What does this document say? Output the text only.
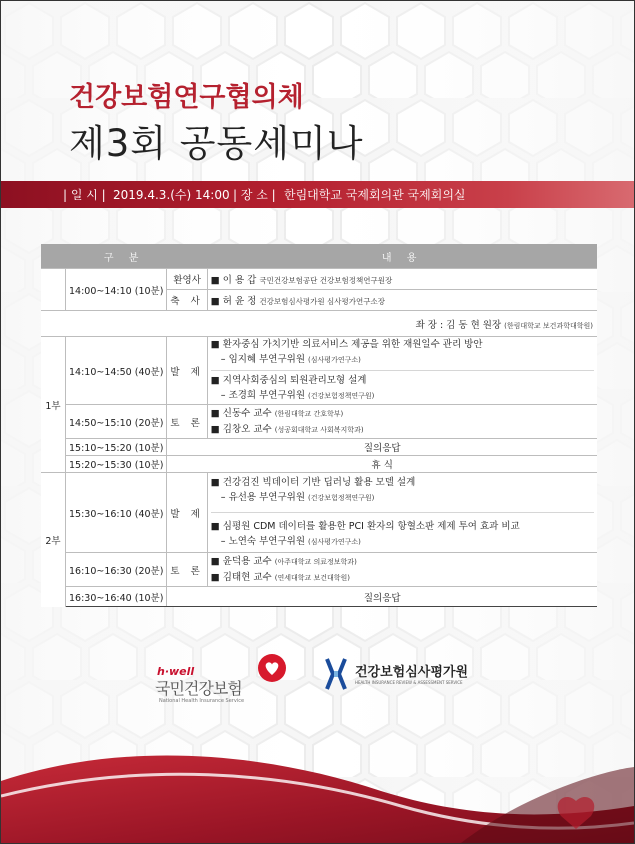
건강보험연구협의체
제3회 공동세미나
| 일 시 | 2019.4.3.(수) 14:00 | 장 소 | 한림대학교 국제회의관 국제회의실
구 분			내 용
	14:00~14:10 (10분)	환영사	■ 이 용 갑 국민건강보험공단 건강보험정책연구원장
		축 사	■ 허 윤 정 건강보험심사평가원 심사평가연구소장
좌 장 : 김 동 현 원장 (한림대학교 보건과학대학원)			
1부	14:10~14:50 (40분)	발 제	■ 환자중심 가치기반 의료서비스 제공을 위한 재원일수 관리 방안
– 임지혜 부연구위원 (심사평가연구소)
■ 지역사회중심의 퇴원관리모형 설계
– 조경희 부연구위원 (건강보험정책연구원)

	14:50~15:10 (20분)	토 론	■ 신동수 교수 (한림대학교 간호학부)
■ 김창오 교수 (성공회대학교 사회복지학과)

	15:10~15:20 (10분)	질의응답	
	15:20~15:30 (10분)	휴 식	
2부	15:30~16:10 (40분)	발 제	■ 건강검진 빅데이터 기반 딥러닝 활용 모델 설계
– 유선용 부연구위원 (건강보험정책연구원)
■ 심평원 CDM 데이터를 활용한 PCI 환자의 항혈소판 제제 투여 효과 비교
– 노연숙 부연구위원 (심사평가연구소)

	16:10~16:30 (20분)	토 론	■ 윤덕용 교수 (아주대학교 의료정보학과)
■ 김태현 교수 (연세대학교 보건대학원)

	16:30~16:40 (10분)	질의응답	
h·well
국민건강보험
National Health Insurance Service
건강보험심사평가원
HEALTH INSURANCE REVIEW & ASSESSMENT SERVICE
